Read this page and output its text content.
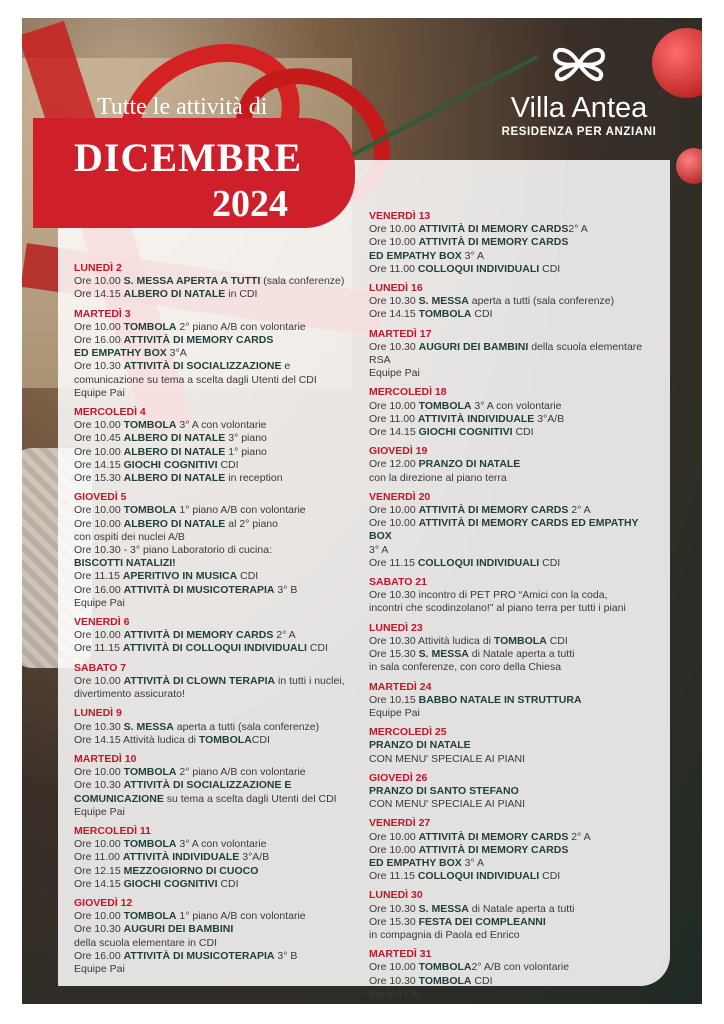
Tutte le attività di
DICEMBRE
2024
Villa Antea
RESIDENZA PER ANZIANI
LUNEDÌ 2
Ore 10.00 S. MESSA APERTA A TUTTI (sala conferenze)
Ore 14.15 ALBERO DI NATALE in CDI
MARTEDÌ 3
Ore 10.00 TOMBOLA 2° piano A/B con volontarie
Ore 16.00 ATTIVITÀ DI MEMORY CARDS
ED EMPATHY BOX 3°A
Ore 10.30 ATTIVITÀ DI SOCIALIZZAZIONE e
comunicazione su tema a scelta dagli Utenti del CDI
Equipe Pai
MERCOLEDÌ 4
Ore 10.00 TOMBOLA 3° A con volontarie
Ore 10.45 ALBERO DI NATALE 3° piano
Ore 10.00 ALBERO DI NATALE 1° piano
Ore 14.15 GIOCHI COGNITIVI CDI
Ore 15.30 ALBERO DI NATALE in reception
GIOVEDÌ 5
Ore 10.00 TOMBOLA 1° piano A/B con volontarie
Ore 10.00 ALBERO DI NATALE al 2° piano
con ospiti dei nuclei A/B
Ore 10.30 - 3° piano Laboratorio di cucina:
BISCOTTI NATALIZI!
Ore 11.15 APERITIVO IN MUSICA CDI
Ore 16.00 ATTIVITÀ DI MUSICOTERAPIA 3° B
Equipe Pai
VENERDÌ 6
Ore 10.00 ATTIVITÀ DI MEMORY CARDS 2° A
Ore 11.15 ATTIVITÀ DI COLLOQUI INDIVIDUALI CDI
SABATO 7
Ore 10.00 ATTIVITÀ DI CLOWN TERAPIA in tutti i nuclei,
divertimento assicurato!
LUNEDÌ 9
Ore 10.30 S. MESSA aperta a tutti (sala conferenze)
Ore 14.15 Attività ludica di TOMBOLACDI
MARTEDÌ 10
Ore 10.00 TOMBOLA 2° piano A/B con volontarie
Ore 10.30 ATTIVITÀ DI SOCIALIZZAZIONE E
COMUNICAZIONE su tema a scelta dagli Utenti del CDI
Equipe Pai
MERCOLEDÌ 11
Ore 10.00 TOMBOLA 3° A con volontarie
Ore 11.00 ATTIVITÀ INDIVIDUALE 3°A/B
Ore 12.15 MEZZOGIORNO DI CUOCO
Ore 14.15 GIOCHI COGNITIVI CDI
GIOVEDÌ 12
Ore 10.00 TOMBOLA 1° piano A/B con volontarie
Ore 10.30 AUGURI DEI BAMBINI
della scuola elementare in CDI
Ore 16.00 ATTIVITÀ DI MUSICOTERAPIA 3° B
Equipe Pai
VENERDÌ 13
Ore 10.00 ATTIVITÀ DI MEMORY CARDS2° A
Ore 10.00 ATTIVITÀ DI MEMORY CARDS
ED EMPATHY BOX 3° A
Ore 11.00 COLLOQUI INDIVIDUALI CDI
LUNEDÌ 16
Ore 10.30 S. MESSA aperta a tutti (sala conferenze)
Ore 14.15 TOMBOLA CDI
MARTEDÌ 17
Ore 10.30 AUGURI DEI BAMBINI della scuola elementare
RSA
Equipe Pai
MERCOLEDÌ 18
Ore 10.00 TOMBOLA 3° A con volontarie
Ore 11.00 ATTIVITÀ INDIVIDUALE 3°A/B
Ore 14.15 GIOCHI COGNITIVI CDI
GIOVEDÌ 19
Ore 12.00 PRANZO DI NATALE
con la direzione al piano terra
VENERDÌ 20
Ore 10.00 ATTIVITÀ DI MEMORY CARDS 2° A
Ore 10.00 ATTIVITÀ DI MEMORY CARDS ED EMPATHY BOX
3° A
Ore 11.15 COLLOQUI INDIVIDUALI CDI
SABATO 21
Ore 10.30 incontro di PET PRO “Amici con la coda,
incontri che scodinzolano!” al piano terra per tutti i piani
LUNEDÌ 23
Ore 10.30 Attività ludica di TOMBOLA CDI
Ore 15.30 S. MESSA di Natale aperta a tutti
in sala conferenze, con coro della Chiesa
MARTEDÌ 24
Ore 10.15 BABBO NATALE IN STRUTTURA
Equipe Pai
MERCOLEDÌ 25
PRANZO DI NATALE
CON MENU' SPECIALE AI PIANI
GIOVEDÌ 26
PRANZO DI SANTO STEFANO
CON MENU' SPECIALE AI PIANI
VENERDÌ 27
Ore 10.00 ATTIVITÀ DI MEMORY CARDS 2° A
Ore 10.00 ATTIVITÀ DI MEMORY CARDS
ED EMPATHY BOX 3° A
Ore 11.15 COLLOQUI INDIVIDUALI CDI
LUNEDÌ 30
Ore 10.30 S. MESSA di Natale aperta a tutti
Ore 15.30 FESTA DEI COMPLEANNI
in compagnia di Paola ed Enrico
MARTEDÌ 31
Ore 10.00 TOMBOLA2° A/B con volontarie
Ore 10.30 TOMBOLA CDI
Equipe Pai
